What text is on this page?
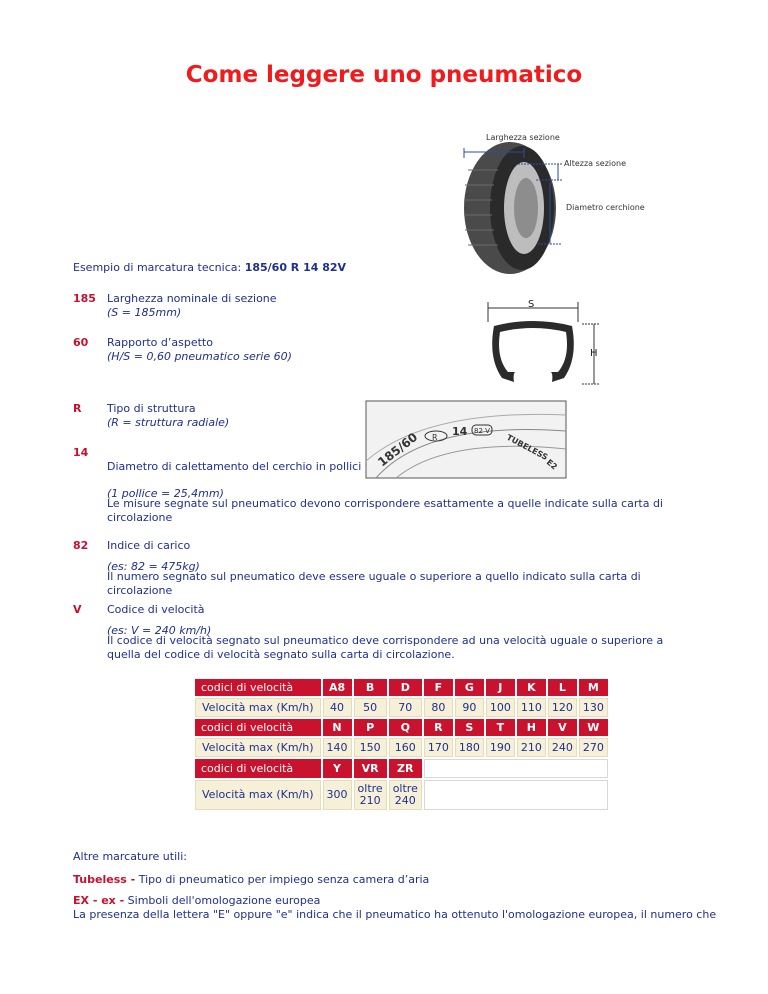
Come leggere uno pneumatico
Larghezza sezione
Altezza sezione
Diametro cerchione
Esempio di marcatura tecnica: 185/60 R 14 82V
185 Larghezza nominale di sezione
(S = 185mm)
60 Rapporto d’aspetto
(H/S = 0,60 pneumatico serie 60)
R Tipo di struttura
(R = struttura radiale)
14
Diametro di calettamento del cerchio in pollici
(1 pollice = 25,4mm)
Le misure segnate sul pneumatico devono corrispondere esattamente a quelle indicate sulla carta di circolazione
82 Indice di carico
(es: 82 = 475kg)
Il numero segnato sul pneumatico deve essere uguale o superiore a quello indicato sulla carta di circolazione
V Codice di velocità
(es: V = 240 km/h)
Il codice di velocità segnato sul pneumatico deve corrispondere ad una velocità uguale o superiore a quella del codice di velocità segnato sulla carta di circolazione.
S
H
185/60 R 14 82 V
TUBELESS
E2
codici di velocità	A8	B	D	F	G	J	K	L	M
Velocità max (Km/h)	40	50	70	80	90	100	110	120	130
codici di velocità	N	P	Q	R	S	T	H	V	W
Velocità max (Km/h)	140	150	160	170	180	190	210	240	270
codici di velocità	Y	VR	ZR						
Velocità max (Km/h)	300	oltre 210	oltre 240						
Altre marcature utili:
Tubeless - Tipo di pneumatico per impiego senza camera d’aria
EX - ex - Simboli dell'omologazione europea
La presenza della lettera "E" oppure "e" indica che il pneumatico ha ottenuto l'omologazione europea, il numero che
